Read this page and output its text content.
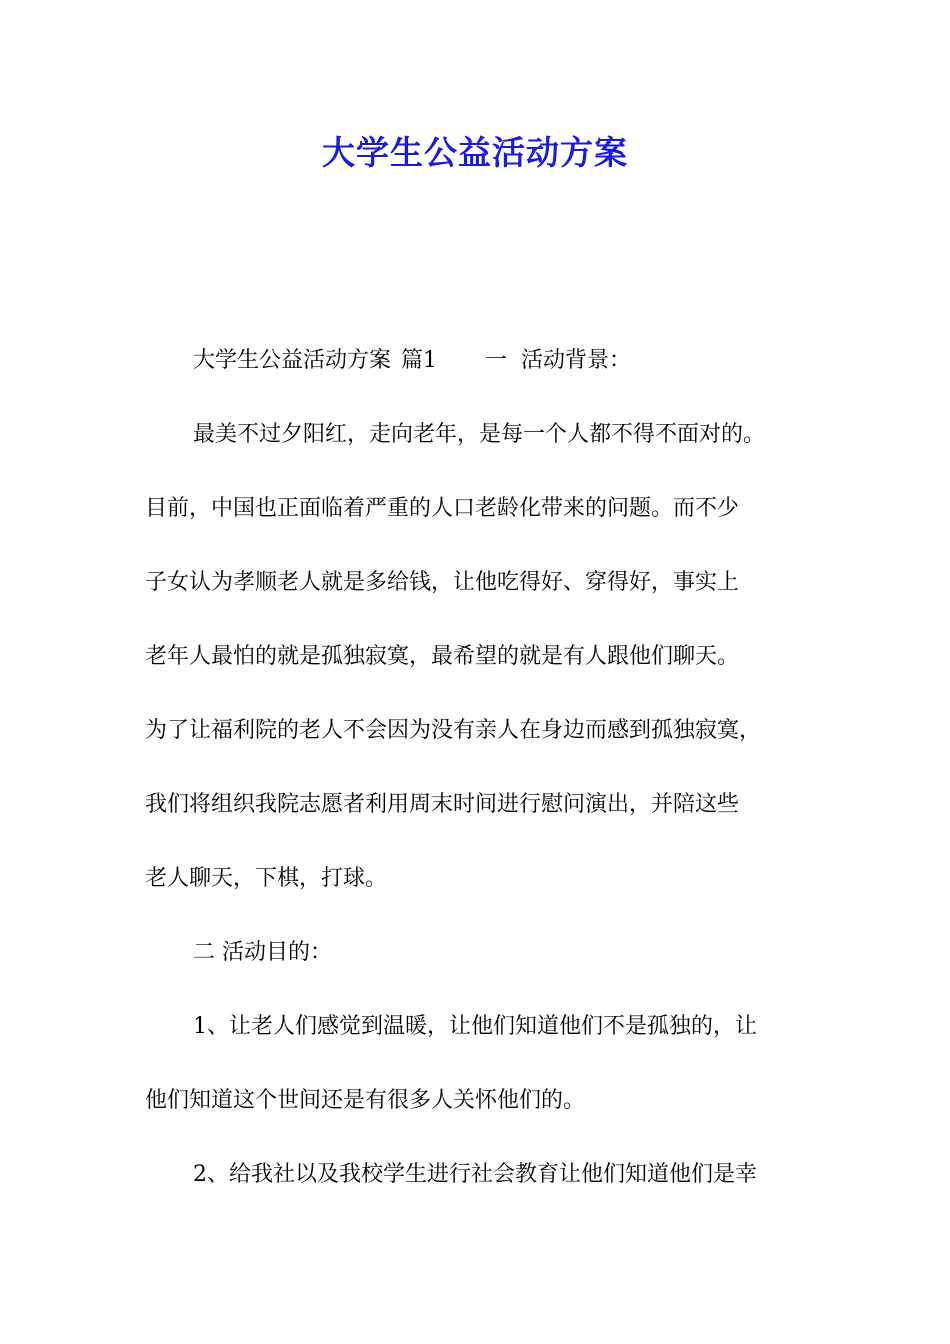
大学生公益活动方案
大学生公益活动方案 篇1 一 活动背景：
最美不过夕阳红，走向老年，是每一个人都不得不面对的。
目前，中国也正面临着严重的人口老龄化带来的问题。而不少
子女认为孝顺老人就是多给钱，让他吃得好、穿得好，事实上
老年人最怕的就是孤独寂寞，最希望的就是有人跟他们聊天。
为了让福利院的老人不会因为没有亲人在身边而感到孤独寂寞，
我们将组织我院志愿者利用周末时间进行慰问演出，并陪这些
老人聊天，下棋，打球。
二 活动目的：
1、让老人们感觉到温暖，让他们知道他们不是孤独的，让
他们知道这个世间还是有很多人关怀他们的。
2、给我社以及我校学生进行社会教育让他们知道他们是幸
